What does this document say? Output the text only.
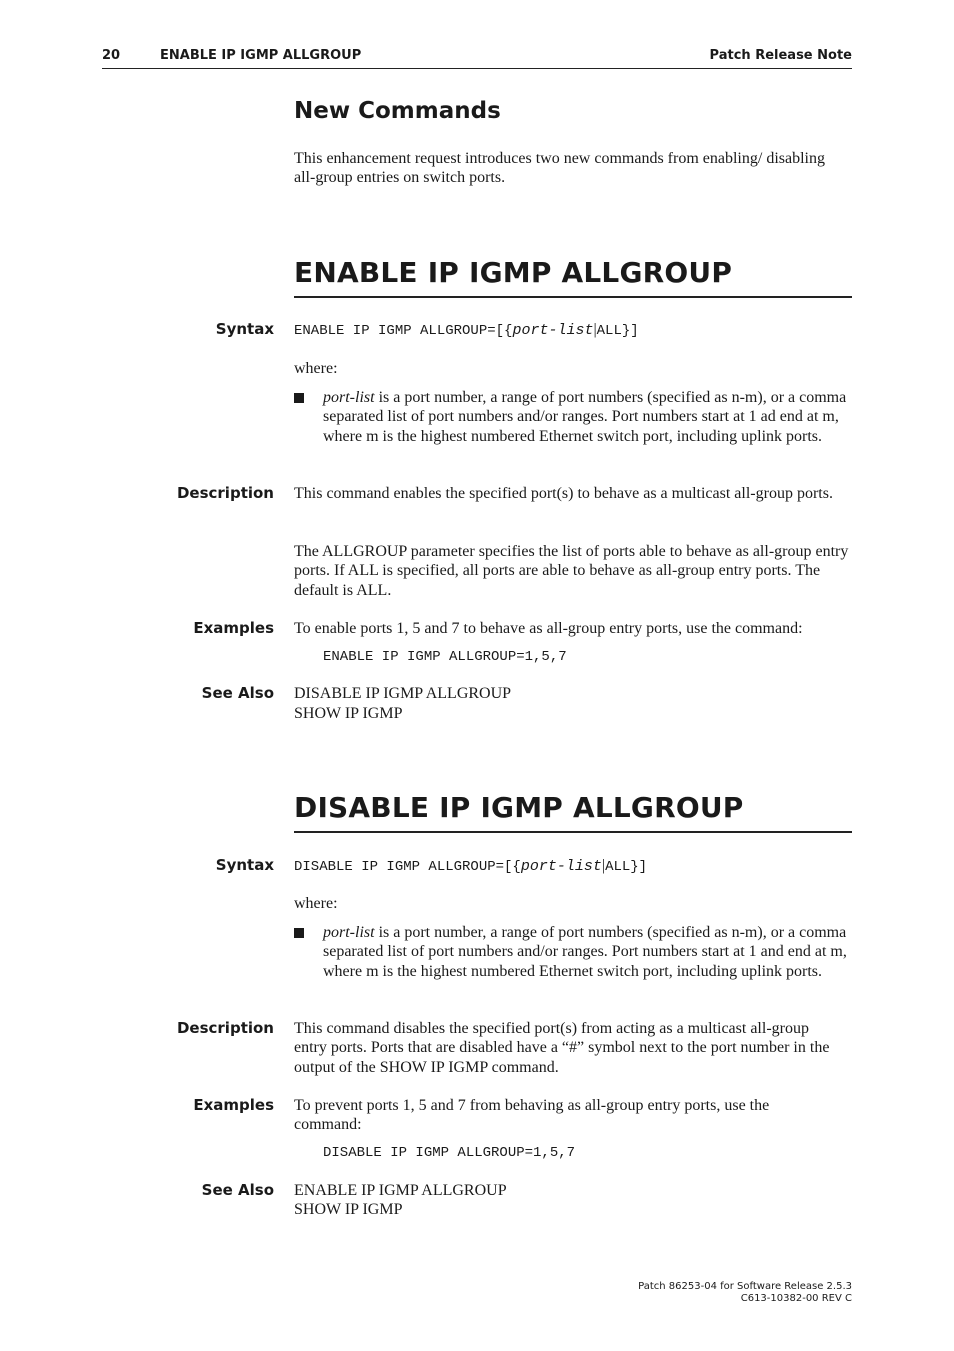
20	ENABLE IP IGMP ALLGROUP	Patch Release Note
New Commands
This enhancement request introduces two new commands from enabling/ disabling all-group entries on switch ports.
ENABLE IP IGMP ALLGROUP
Syntax ENABLE IP IGMP ALLGROUP=[{port-list|ALL}]
where:
port-list is a port number, a range of port numbers (specified as n-m), or a comma separated list of port numbers and/or ranges. Port numbers start at 1 ad end at m, where m is the highest numbered Ethernet switch port, including uplink ports.
Description This command enables the specified port(s) to behave as a multicast all-group ports.
The ALLGROUP parameter specifies the list of ports able to behave as all-group entry ports. If ALL is specified, all ports are able to behave as all-group entry ports. The default is ALL.
Examples To enable ports 1, 5 and 7 to behave as all-group entry ports, use the command:
ENABLE IP IGMP ALLGROUP=1,5,7
See Also DISABLE IP IGMP ALLGROUP
SHOW IP IGMP
DISABLE IP IGMP ALLGROUP
Syntax DISABLE IP IGMP ALLGROUP=[{port-list|ALL}]
where:
port-list is a port number, a range of port numbers (specified as n-m), or a comma separated list of port numbers and/or ranges. Port numbers start at 1 and end at m, where m is the highest numbered Ethernet switch port, including uplink ports.
Description This command disables the specified port(s) from acting as a multicast all-group entry ports. Ports that are disabled have a “#” symbol next to the port number in the output of the SHOW IP IGMP command.
Examples To prevent ports 1, 5 and 7 from behaving as all-group entry ports, use the command:
DISABLE IP IGMP ALLGROUP=1,5,7
See Also ENABLE IP IGMP ALLGROUP
SHOW IP IGMP
Patch 86253-04 for Software Release 2.5.3
C613-10382-00 REV C
